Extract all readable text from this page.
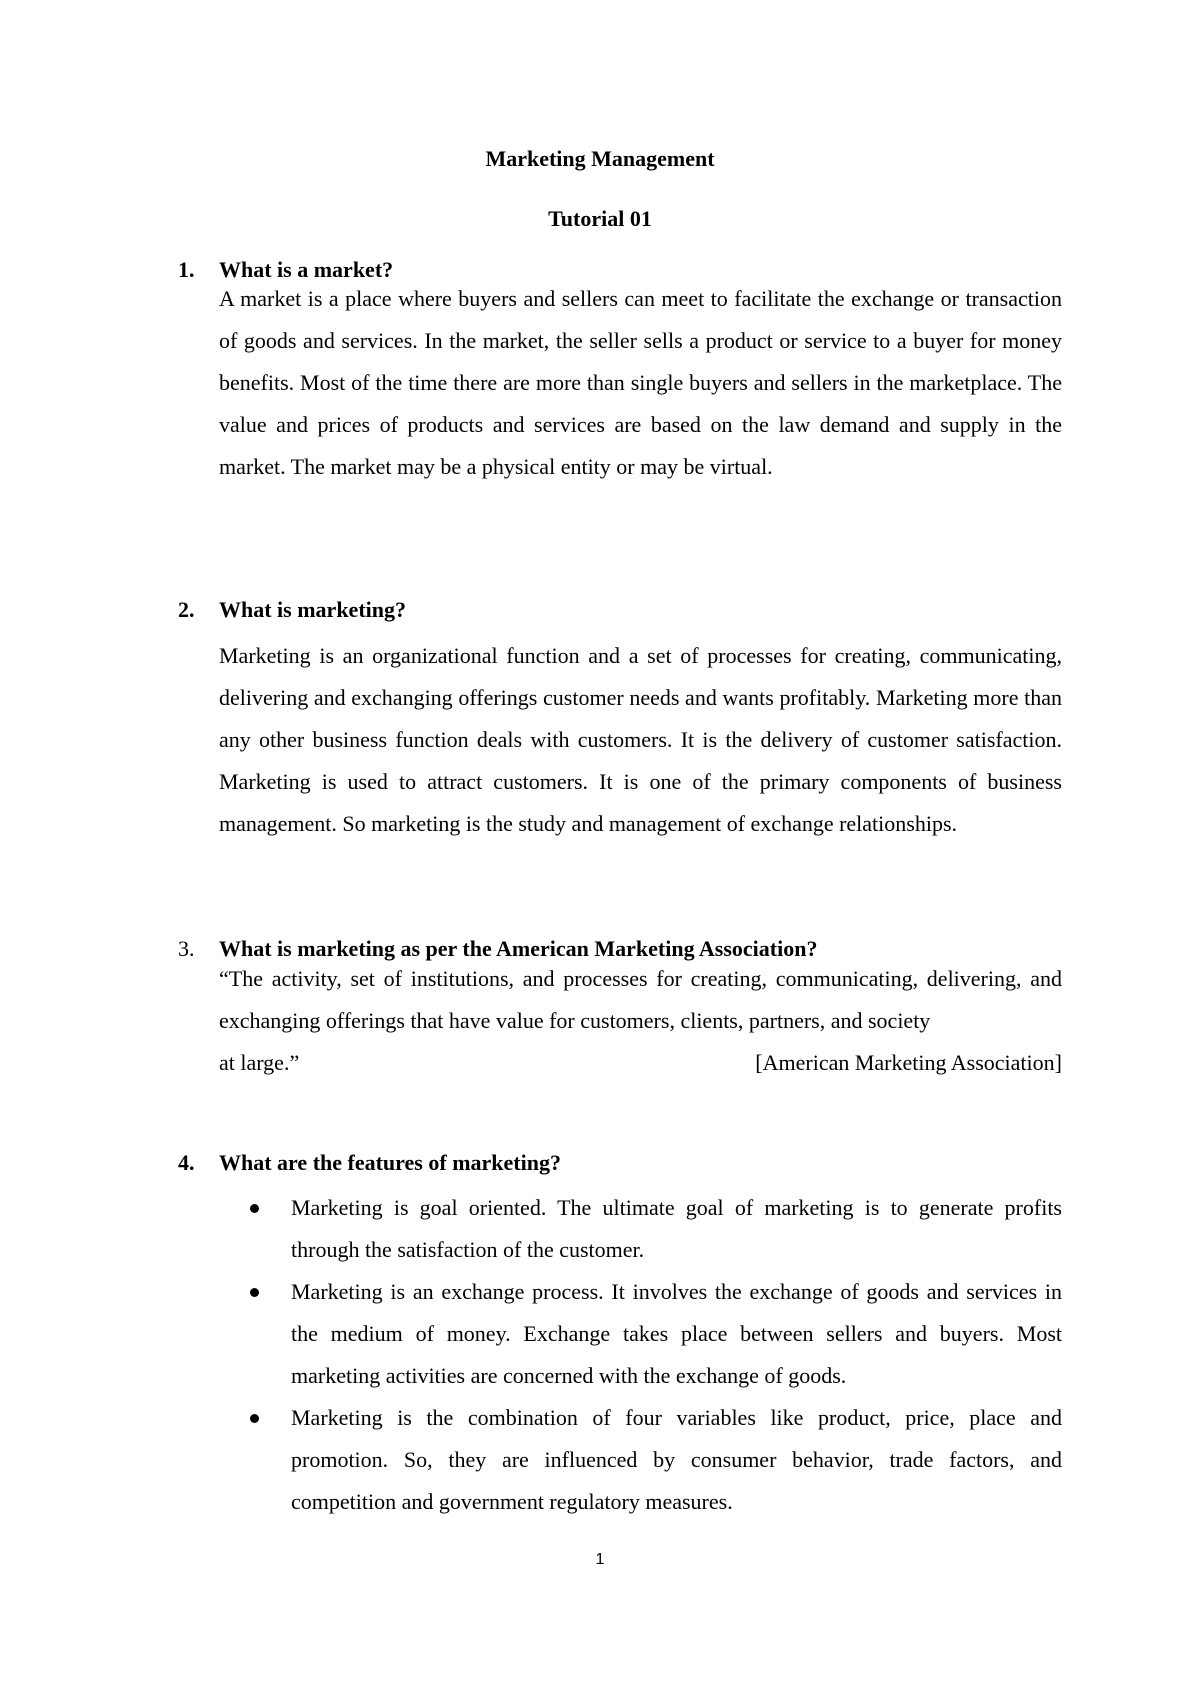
Marketing Management
Tutorial 01
1. What is a market?
A market is a place where buyers and sellers can meet to facilitate the exchange or transaction of goods and services. In the market, the seller sells a product or service to a buyer for money benefits. Most of the time there are more than single buyers and sellers in the marketplace. The value and prices of products and services are based on the law demand and supply in the market. The market may be a physical entity or may be virtual.
2. What is marketing?
Marketing is an organizational function and a set of processes for creating, communicating, delivering and exchanging offerings customer needs and wants profitably. Marketing more than any other business function deals with customers. It is the delivery of customer satisfaction. Marketing is used to attract customers. It is one of the primary components of business management. So marketing is the study and management of exchange relationships.
3. What is marketing as per the American Marketing Association?
“The activity, set of institutions, and processes for creating, communicating, delivering, and exchanging offerings that have value for customers, clients, partners, and society
at large.”	[American Marketing Association]
4. What are the features of marketing?
Marketing is goal oriented. The ultimate goal of marketing is to generate profits through the satisfaction of the customer.
Marketing is an exchange process. It involves the exchange of goods and services in the medium of money. Exchange takes place between sellers and buyers. Most marketing activities are concerned with the exchange of goods.
Marketing is the combination of four variables like product, price, place and promotion. So, they are influenced by consumer behavior, trade factors, and competition and government regulatory measures.
1
